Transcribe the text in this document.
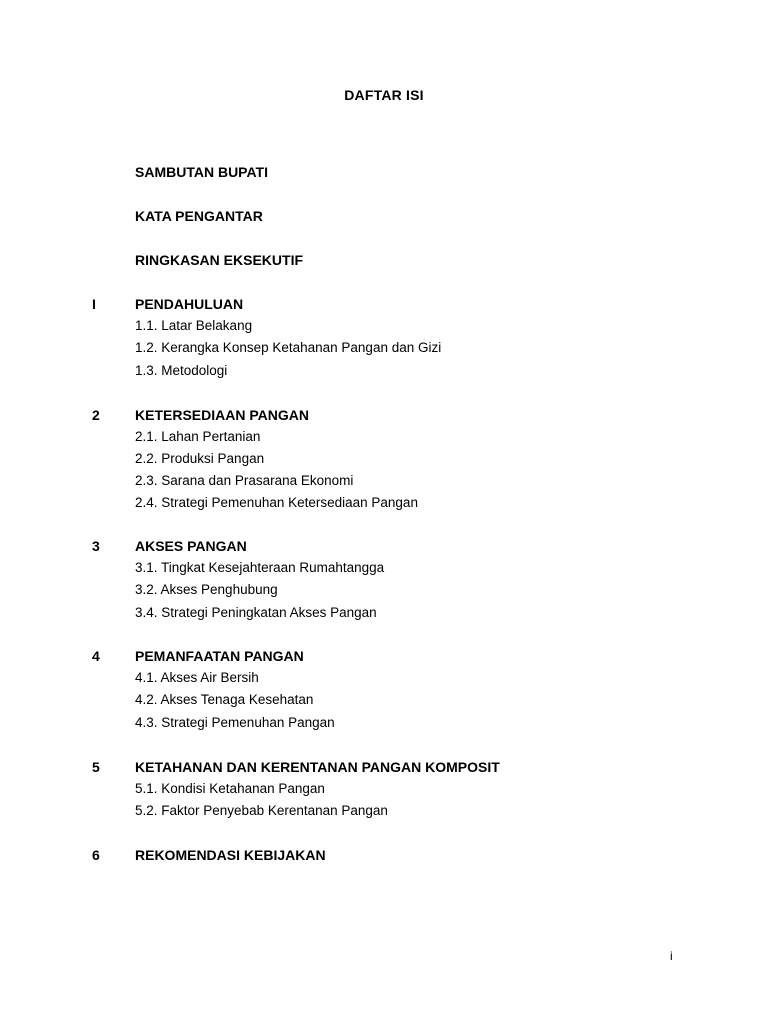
DAFTAR ISI
SAMBUTAN BUPATI
KATA PENGANTAR
RINGKASAN EKSEKUTIF
I	PENDAHULUAN
1.1. Latar Belakang
1.2. Kerangka Konsep Ketahanan Pangan dan Gizi
1.3. Metodologi
2	KETERSEDIAAN PANGAN
2.1. Lahan Pertanian
2.2. Produksi Pangan
2.3. Sarana dan Prasarana Ekonomi
2.4. Strategi Pemenuhan Ketersediaan Pangan
3	AKSES PANGAN
3.1. Tingkat Kesejahteraan Rumahtangga
3.2. Akses Penghubung
3.4. Strategi Peningkatan Akses Pangan
4	PEMANFAATAN PANGAN
4.1. Akses Air Bersih
4.2. Akses Tenaga Kesehatan
4.3. Strategi Pemenuhan Pangan
5	KETAHANAN DAN KERENTANAN PANGAN KOMPOSIT
5.1. Kondisi Ketahanan Pangan
5.2. Faktor Penyebab Kerentanan Pangan
6	REKOMENDASI KEBIJAKAN
i
